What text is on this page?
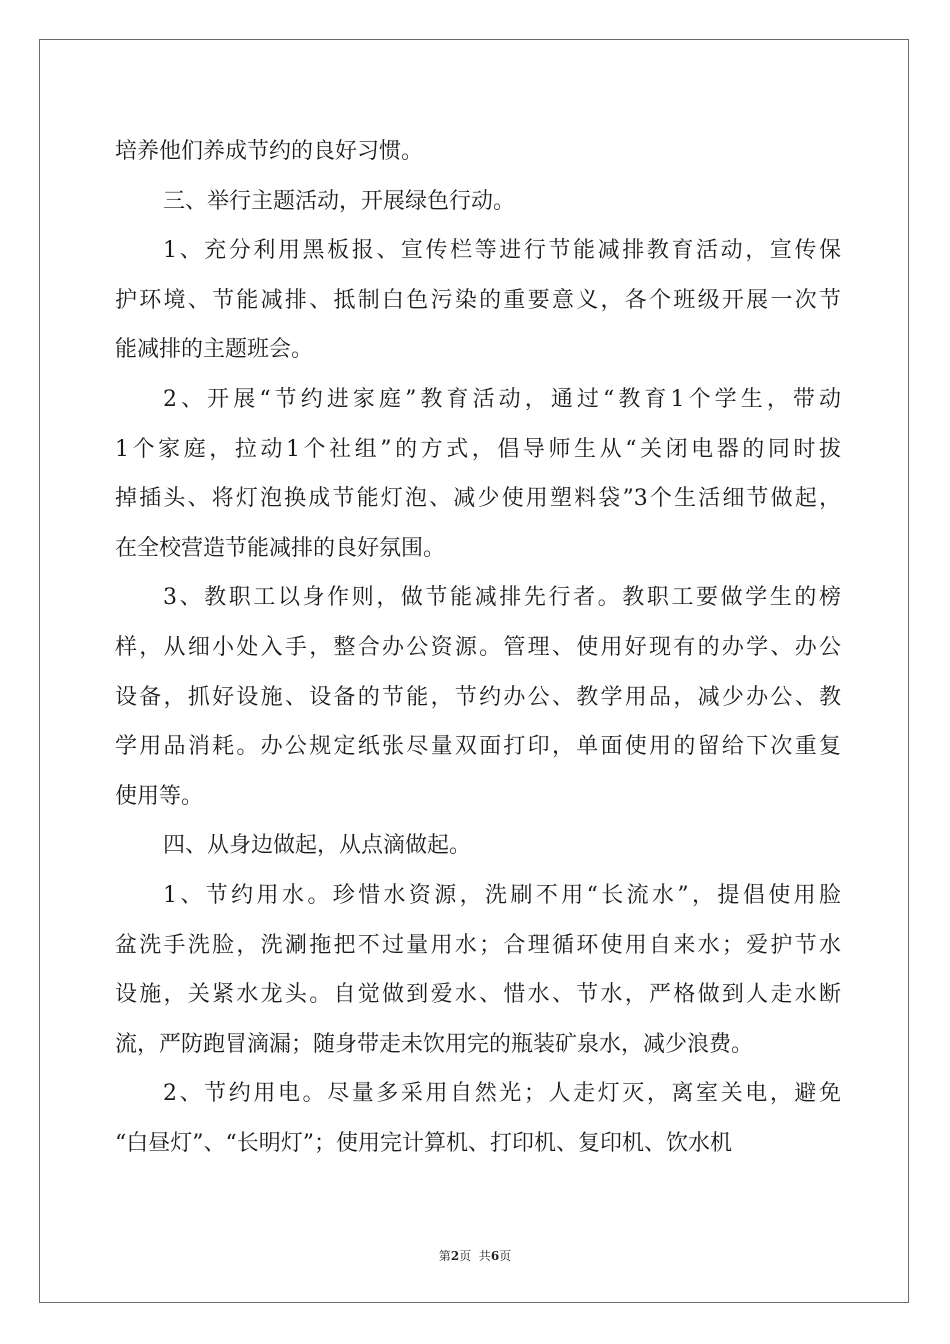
培养他们养成节约的良好习惯。
三、举行主题活动，开展绿色行动。
1、充分利用黑板报、宣传栏等进行节能减排教育活动，宣传保
护环境、节能减排、抵制白色污染的重要意义，各个班级开展一次节
能减排的主题班会。
2、开展“节约进家庭”教育活动，通过“教育1个学生，带动
1个家庭，拉动1个社组”的方式，倡导师生从“关闭电器的同时拔
掉插头、将灯泡换成节能灯泡、减少使用塑料袋”3个生活细节做起，
在全校营造节能减排的良好氛围。
3、教职工以身作则，做节能减排先行者。教职工要做学生的榜
样，从细小处入手，整合办公资源。管理、使用好现有的办学、办公
设备，抓好设施、设备的节能，节约办公、教学用品，减少办公、教
学用品消耗。办公规定纸张尽量双面打印，单面使用的留给下次重复
使用等。
四、从身边做起，从点滴做起。
1、节约用水。珍惜水资源，洗刷不用“长流水”，提倡使用脸
盆洗手洗脸，洗涮拖把不过量用水；合理循环使用自来水；爱护节水
设施，关紧水龙头。自觉做到爱水、惜水、节水，严格做到人走水断
流，严防跑冒滴漏；随身带走未饮用完的瓶装矿泉水，减少浪费。
2、节约用电。尽量多采用自然光；人走灯灭，离室关电，避免
“白昼灯”、“长明灯”；使用完计算机、打印机、复印机、饮水机
第2页  共6页
